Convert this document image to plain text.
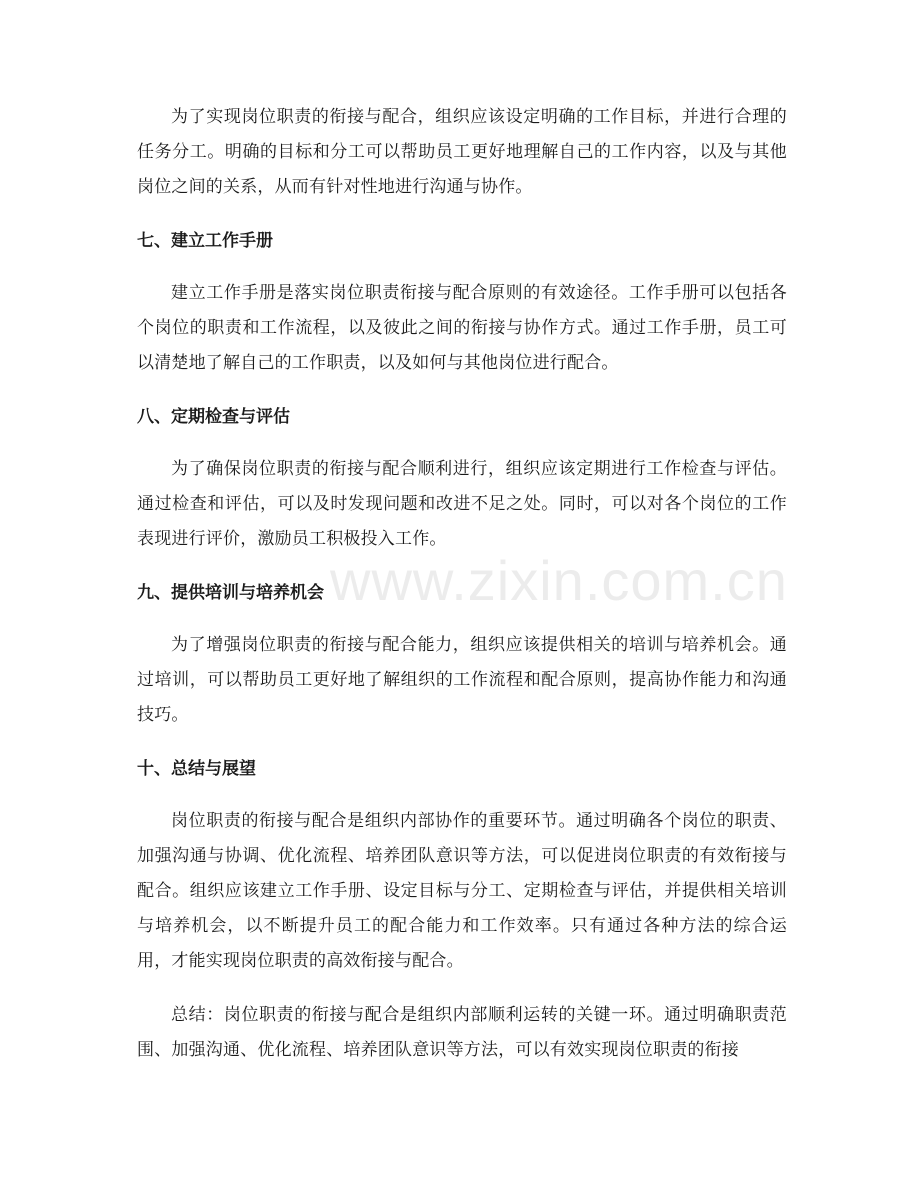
为了实现岗位职责的衔接与配合，组织应该设定明确的工作目标，并进行合理的任务分工。明确的目标和分工可以帮助员工更好地理解自己的工作内容，以及与其他岗位之间的关系，从而有针对性地进行沟通与协作。

七、建立工作手册

建立工作手册是落实岗位职责衔接与配合原则的有效途径。工作手册可以包括各个岗位的职责和工作流程，以及彼此之间的衔接与协作方式。通过工作手册，员工可以清楚地了解自己的工作职责，以及如何与其他岗位进行配合。

八、定期检查与评估

为了确保岗位职责的衔接与配合顺利进行，组织应该定期进行工作检查与评估。通过检查和评估，可以及时发现问题和改进不足之处。同时，可以对各个岗位的工作表现进行评价，激励员工积极投入工作。

九、提供培训与培养机会

为了增强岗位职责的衔接与配合能力，组织应该提供相关的培训与培养机会。通过培训，可以帮助员工更好地了解组织的工作流程和配合原则，提高协作能力和沟通技巧。

十、总结与展望

岗位职责的衔接与配合是组织内部协作的重要环节。通过明确各个岗位的职责、加强沟通与协调、优化流程、培养团队意识等方法，可以促进岗位职责的有效衔接与配合。组织应该建立工作手册、设定目标与分工、定期检查与评估，并提供相关培训与培养机会，以不断提升员工的配合能力和工作效率。只有通过各种方法的综合运用，才能实现岗位职责的高效衔接与配合。

总结：岗位职责的衔接与配合是组织内部顺利运转的关键一环。通过明确职责范围、加强沟通、优化流程、培养团队意识等方法，可以有效实现岗位职责的衔接

www.zixin.com.cn
